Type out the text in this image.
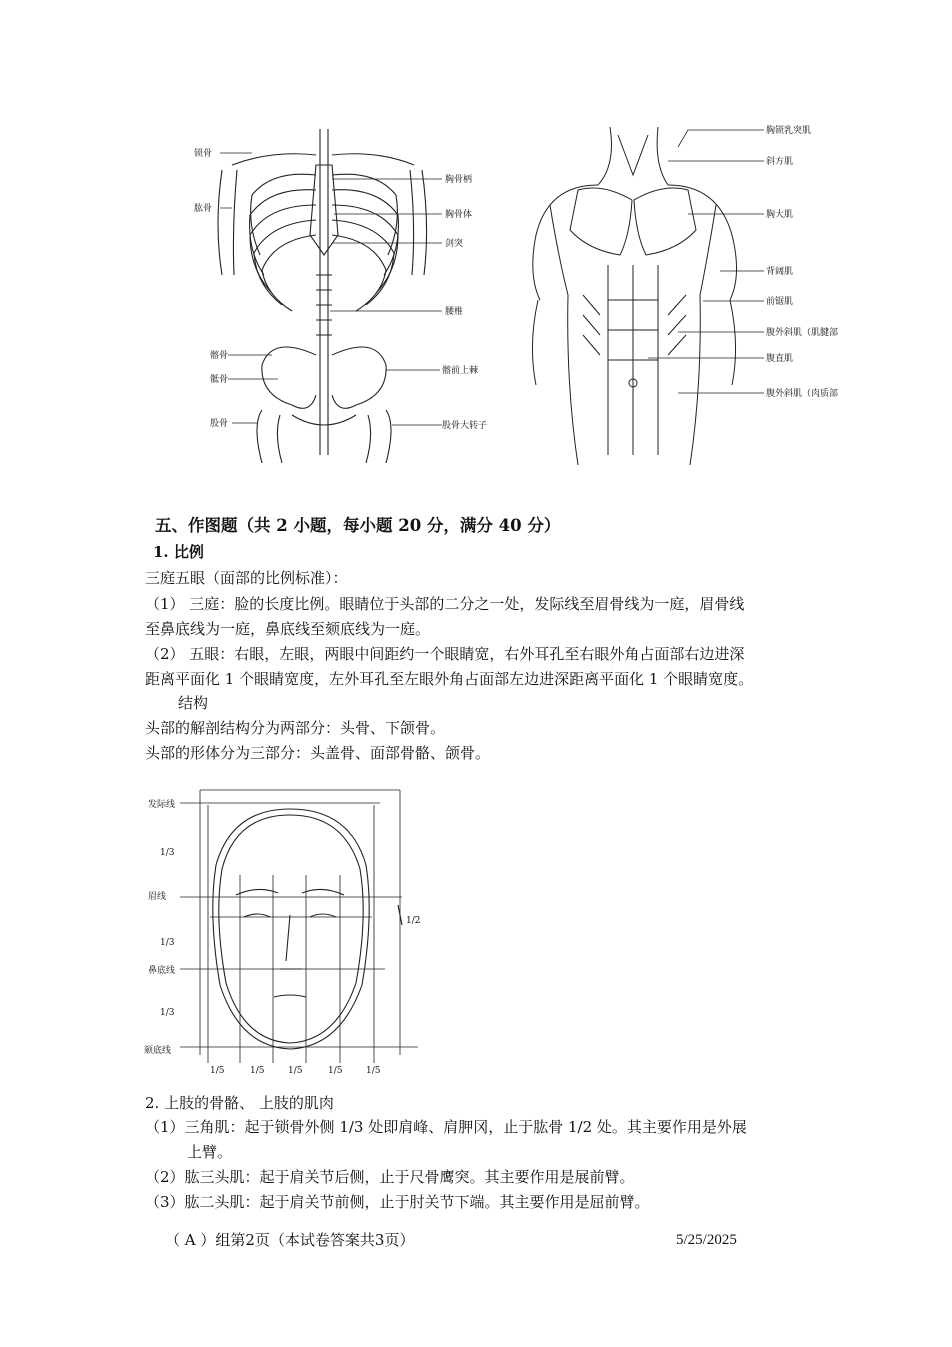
锁骨
肱骨
髂骨
骶骨
股骨
胸骨柄
胸骨体
剑突
腰椎
髂前上棘
股骨大转子
胸锁乳突肌
斜方肌
胸大肌
背阔肌
前锯肌
腹外斜肌（肌腱部
腹直肌
腹外斜肌（肉质部
五、作图题（共 2 小题，每小题 20 分，满分 40 分）
1. 比例
三庭五眼（面部的比例标准）：
（1） 三庭：脸的长度比例。眼睛位于头部的二分之一处，发际线至眉骨线为一庭，眉骨线
至鼻底线为一庭，鼻底线至颏底线为一庭。
（2） 五眼：右眼，左眼，两眼中间距约一个眼睛宽，右外耳孔至右眼外角占面部右边进深
距离平面化 1 个眼睛宽度，左外耳孔至左眼外角占面部左边进深距离平面化 1 个眼睛宽度。
结构
头部的解剖结构分为两部分：头骨、下颌骨。
头部的形体分为三部分：头盖骨、面部骨骼、颌骨。
发际线
1/3
眉线
1/3
鼻底线
1/3
颏底线
1/2
1/5	1/5	1/5	1/5	1/5
2. 上肢的骨骼、 上肢的肌肉
（1）三角肌：起于锁骨外侧 1/3 处即肩峰、肩胛冈，止于肱骨 1/2 处。其主要作用是外展
上臂。
（2）肱三头肌：起于肩关节后侧，止于尺骨鹰突。其主要作用是展前臂。
（3）肱二头肌：起于肩关节前侧，止于肘关节下端。其主要作用是屈前臂。
（ A ）组第2页（本试卷答案共3页）	5/25/2025
